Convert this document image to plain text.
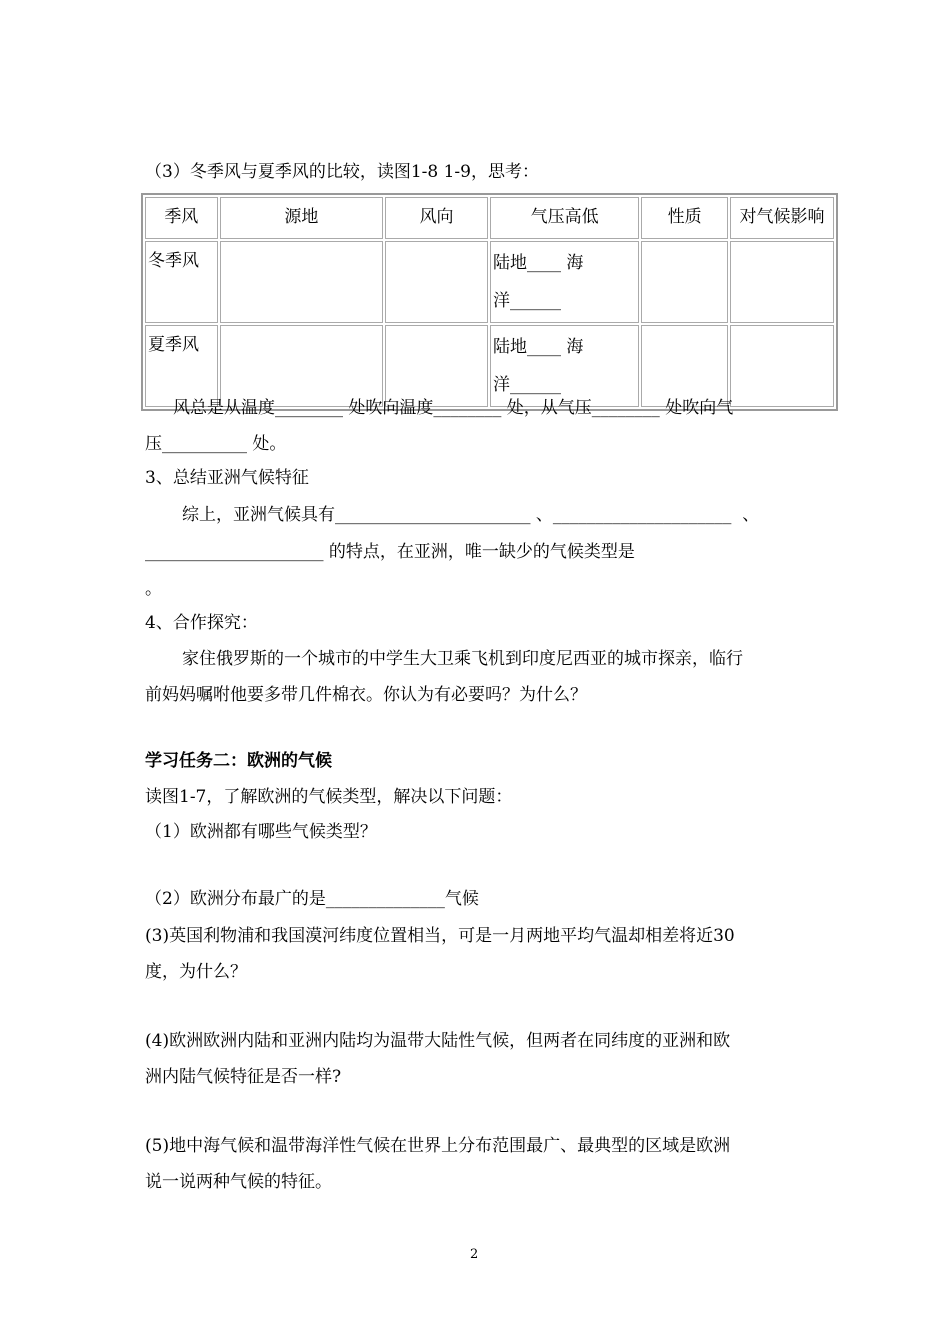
（3）冬季风与夏季风的比较，读图1-8 1-9，思考：
季风	源地	风向	气压高低	性质	对气候影响
冬季风			陆地____ 海
洋______		
夏季风			陆地____ 海
洋______		
风总是从温度________ 处吹向温度________ 处，从气压________ 处吹向气
压__________ 处。
3、总结亚洲气候特征
综上，亚洲气候具有_______________________ 、_____________________  、
_____________________ 的特点，在亚洲，唯一缺少的气候类型是
。
4、合作探究：
家住俄罗斯的一个城市的中学生大卫乘飞机到印度尼西亚的城市探亲，临行
前妈妈嘱咐他要多带几件棉衣。你认为有必要吗？为什么？
学习任务二：欧洲的气候
读图1-7，了解欧洲的气候类型，解决以下问题：
（1）欧洲都有哪些气候类型？
（2）欧洲分布最广的是______________气候
(3)英国利物浦和我国漠河纬度位置相当，可是一月两地平均气温却相差将近30
度，为什么？
(4)欧洲欧洲内陆和亚洲内陆均为温带大陆性气候，但两者在同纬度的亚洲和欧
洲内陆气候特征是否一样?
(5)地中海气候和温带海洋性气候在世界上分布范围最广、最典型的区域是欧洲
说一说两种气候的特征。
2
